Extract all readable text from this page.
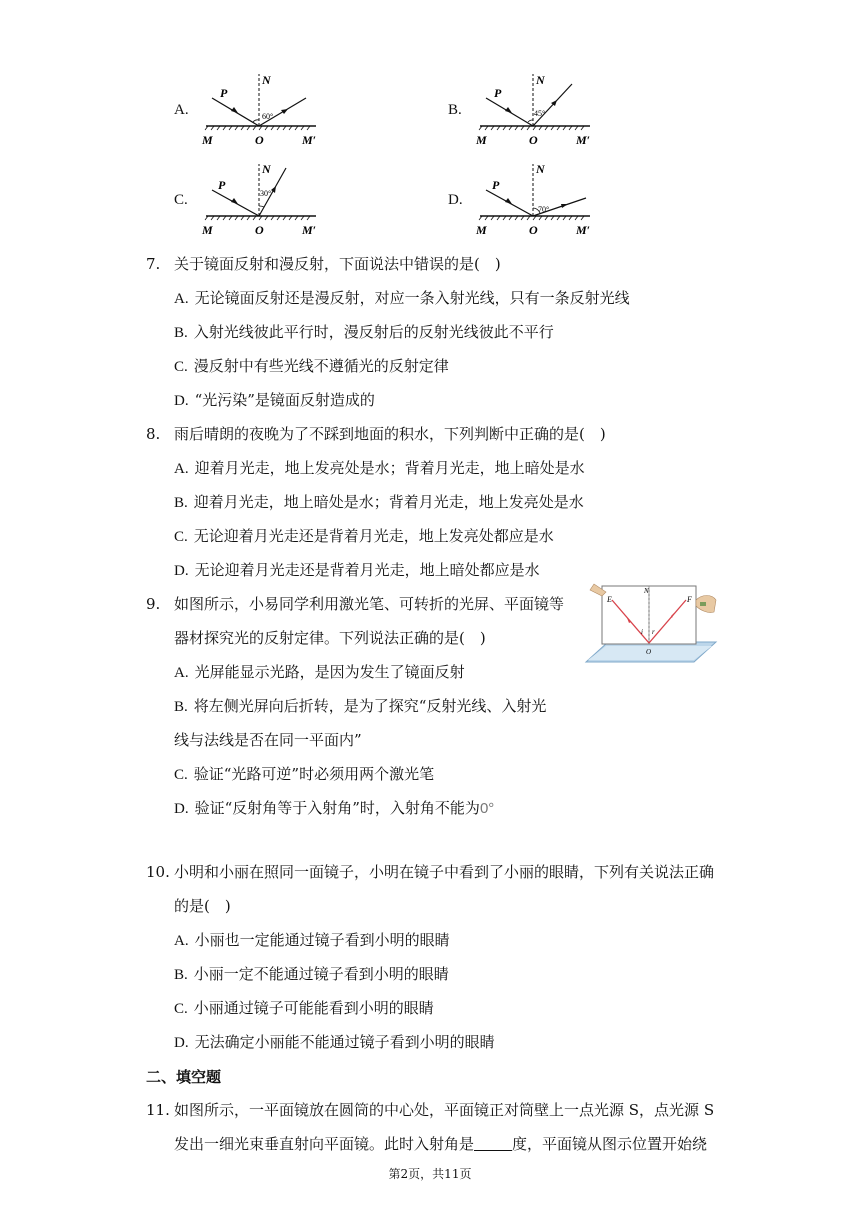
A.	B.
C.	D.
P
N
60°
M	O	M′
P
N
45°
M	O	M′
P
N
30°
M	O	M′
P
N
70°
M	O	M′
7. 关于镜面反射和漫反射，下面说法中错误的是(　)
A. 无论镜面反射还是漫反射，对应一条入射光线，只有一条反射光线
B. 入射光线彼此平行时，漫反射后的反射光线彼此不平行
C. 漫反射中有些光线不遵循光的反射定律
D. “光污染”是镜面反射造成的
8. 雨后晴朗的夜晚为了不踩到地面的积水，下列判断中正确的是(　)
A. 迎着月光走，地上发亮处是水；背着月光走，地上暗处是水
B. 迎着月光走，地上暗处是水；背着月光走，地上发亮处是水
C. 无论迎着月光走还是背着月光走，地上发亮处都应是水
D. 无论迎着月光走还是背着月光走，地上暗处都应是水
9. 如图所示，小易同学利用激光笔、可转折的光屏、平面镜等
器材探究光的反射定律。下列说法正确的是(　)
A. 光屏能显示光路，是因为发生了镜面反射
B. 将左侧光屏向后折转，是为了探究“反射光线、入射光
线与法线是否在同一平面内”
C. 验证“光路可逆”时必须用两个激光笔
D. 验证“反射角等于入射角”时，入射角不能为0°
E	F
N
O
i r
10. 小明和小丽在照同一面镜子，小明在镜子中看到了小丽的眼睛，下列有关说法正确
的是(　)
A. 小丽也一定能通过镜子看到小明的眼睛
B. 小丽一定不能通过镜子看到小明的眼睛
C. 小丽通过镜子可能能看到小明的眼睛
D. 无法确定小丽能不能通过镜子看到小明的眼睛
二、填空题
11. 如图所示，一平面镜放在圆筒的中心处，平面镜正对筒壁上一点光源 S，点光源 S
发出一细光束垂直射向平面镜。此时入射角是	度，平面镜从图示位置开始绕
第2页，共11页
